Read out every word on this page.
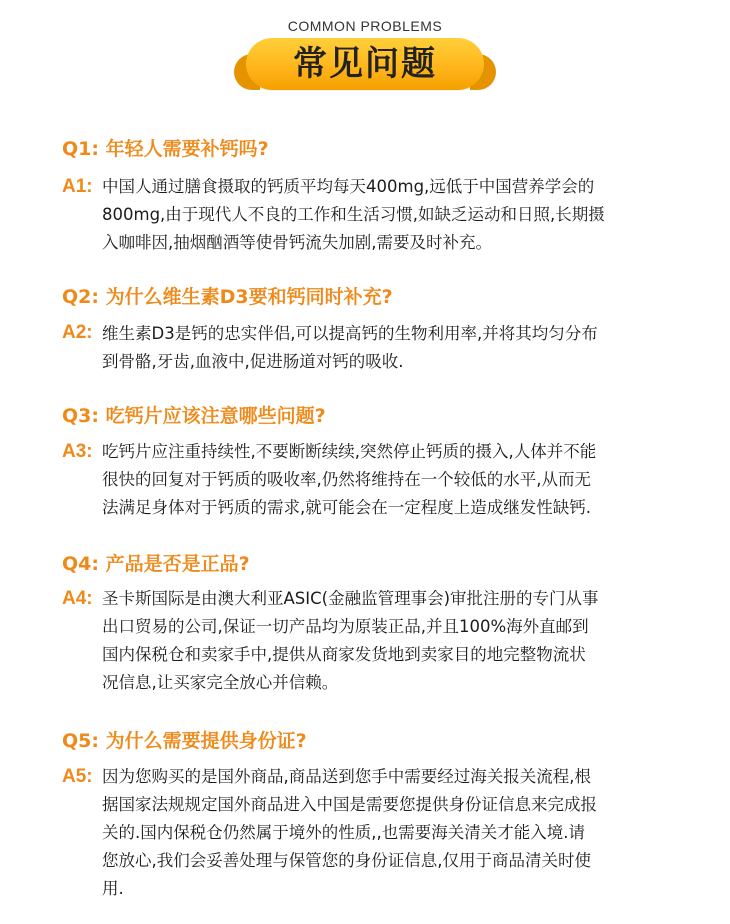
COMMON PROBLEMS
常见问题
Q1: 年轻人需要补钙吗?
A1: 中国人通过膳食摄取的钙质平均每天400mg,远低于中国营养学会的
800mg,由于现代人不良的工作和生活习惯,如缺乏运动和日照,长期摄
入咖啡因,抽烟酗酒等使骨钙流失加剧,需要及时补充。
Q2: 为什么维生素D3要和钙同时补充?
A2: 维生素D3是钙的忠实伴侣,可以提高钙的生物利用率,并将其均匀分布
到骨骼,牙齿,血液中,促进肠道对钙的吸收.
Q3: 吃钙片应该注意哪些问题?
A3: 吃钙片应注重持续性,不要断断续续,突然停止钙质的摄入,人体并不能
很快的回复对于钙质的吸收率,仍然将维持在一个较低的水平,从而无
法满足身体对于钙质的需求,就可能会在一定程度上造成继发性缺钙.
Q4: 产品是否是正品?
A4: 圣卡斯国际是由澳大利亚ASIC(金融监管理事会)审批注册的专门从事
出口贸易的公司,保证一切产品均为原装正品,并且100%海外直邮到
国内保税仓和卖家手中,提供从商家发货地到卖家目的地完整物流状
况信息,让买家完全放心并信赖。
Q5: 为什么需要提供身份证?
A5: 因为您购买的是国外商品,商品送到您手中需要经过海关报关流程,根
据国家法规规定国外商品进入中国是需要您提供身份证信息来完成报
关的.国内保税仓仍然属于境外的性质,,也需要海关清关才能入境.请
您放心,我们会妥善处理与保管您的身份证信息,仅用于商品清关时使
用.
